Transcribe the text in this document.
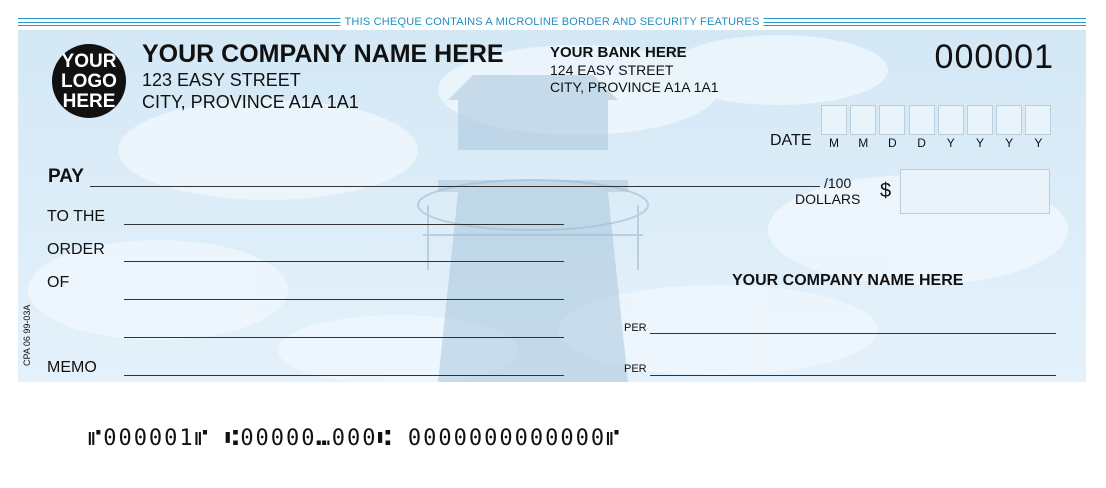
THIS CHEQUE CONTAINS A MICROLINE BORDER AND SECURITY FEATURES
YOUR
LOGO
HERE
YOUR COMPANY NAME HERE
123 EASY STREET
CITY, PROVINCE A1A 1A1
YOUR BANK HERE
124 EASY STREET
CITY, PROVINCE A1A 1A1
000001
DATE	M	M	D	D	Y	Y	Y	Y
PAY	/100
DOLLARS $
TO THE
ORDER
OF
MEMO
YOUR COMPANY NAME HERE
PER
PER
CPA 06 99-03A
⑈000001⑈ ⑆00000⑉000⑆ 0000000000000⑈
